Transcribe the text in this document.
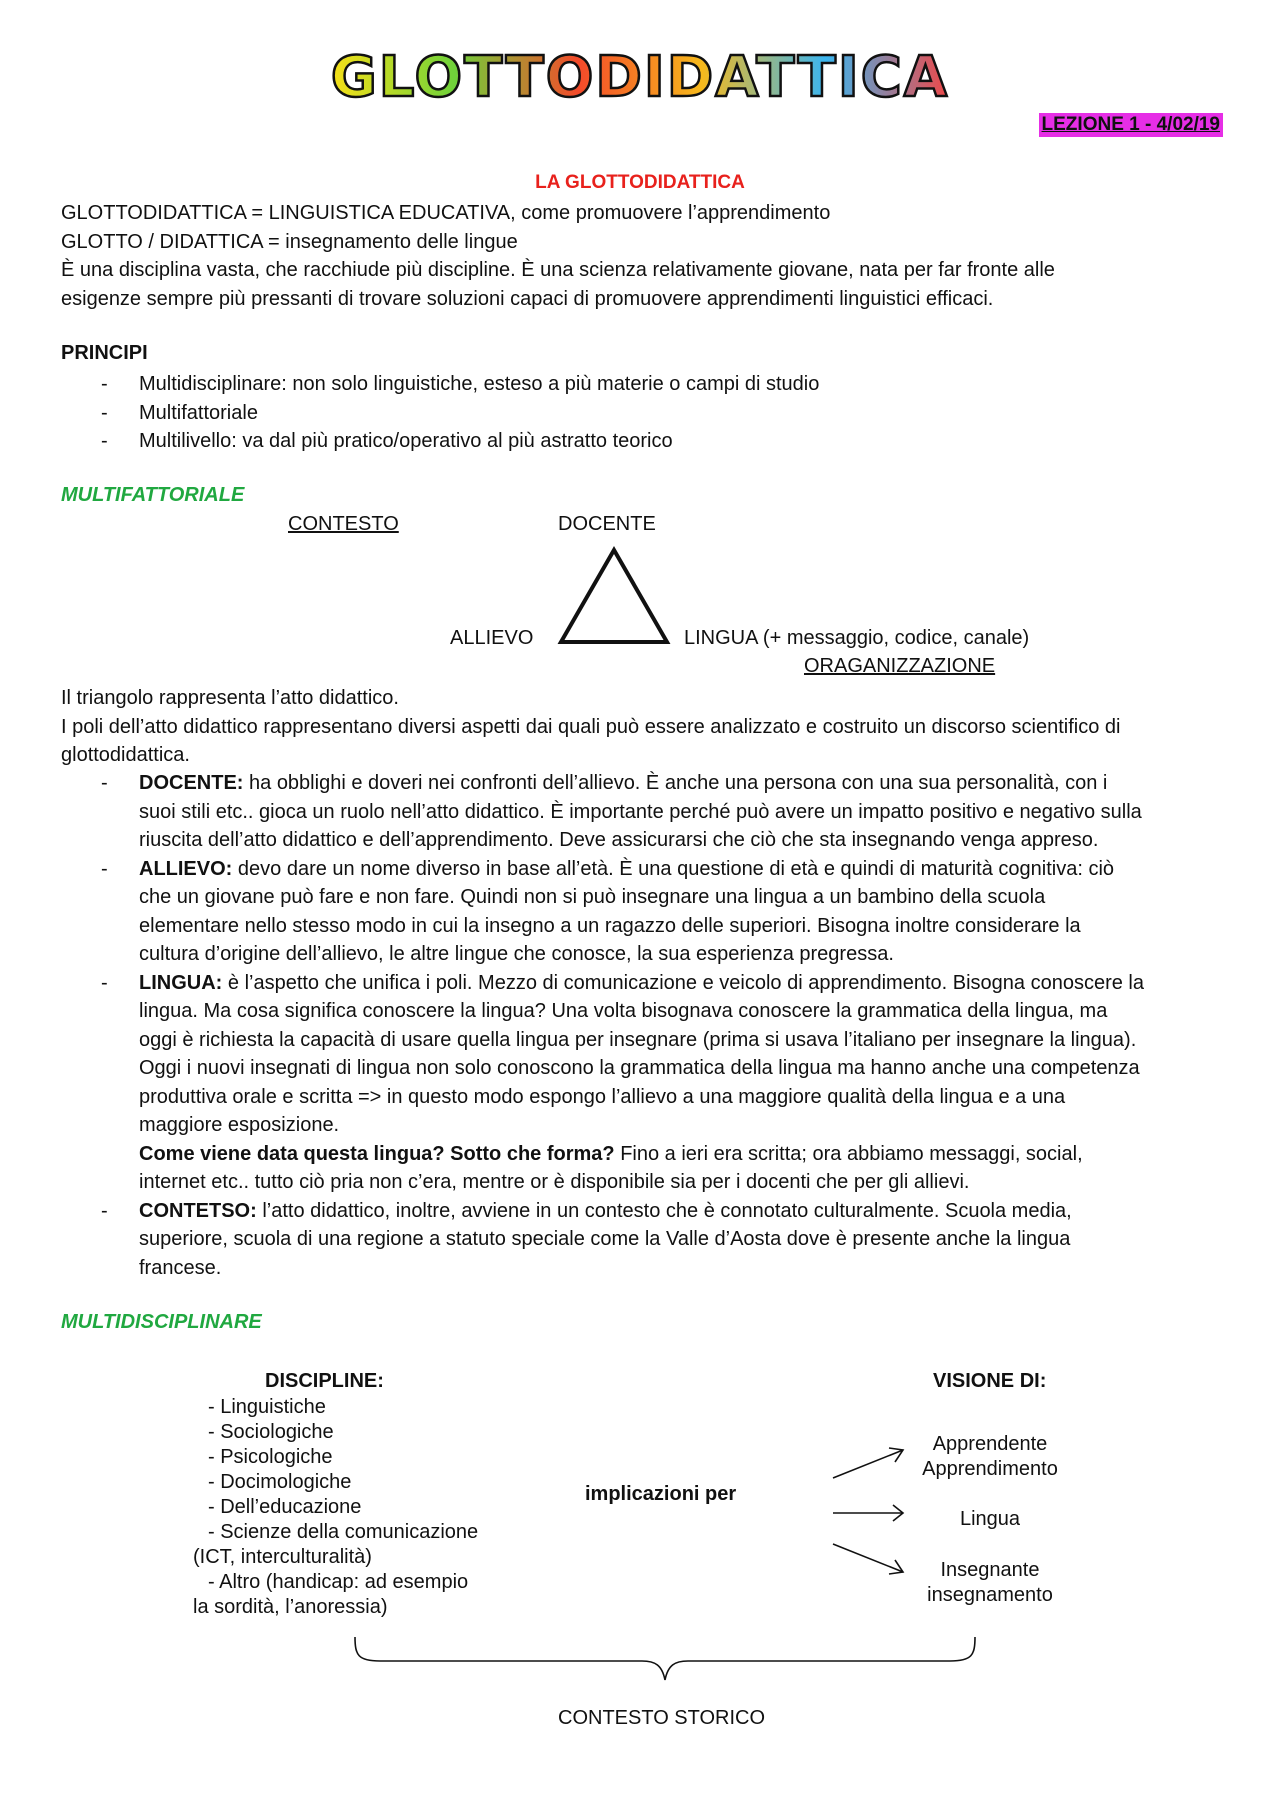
GLOTTODIDATTICA
LEZIONE 1 - 4/02/19
LA GLOTTODIDATTICA

GLOTTODIDATTICA = LINGUISTICA EDUCATIVA, come promuovere l’apprendimento

GLOTTO / DIDATTICA = insegnamento delle lingue

È una disciplina vasta, che racchiude più discipline. È una scienza relativamente giovane, nata per far fronte alle

esigenze sempre più pressanti di trovare soluzioni capaci di promuovere apprendimenti linguistici efficaci.

PRINCIPI
- Multidisciplinare: non solo linguistiche, esteso a più materie o campi di studio
- Multifattoriale
- Multilivello: va dal più pratico/operativo al più astratto teorico
MULTIFATTORIALE
CONTESTO	DOCENTE
ALLIEVO	LINGUA (+ messaggio, codice, canale)
ORAGANIZZAZIONE

Il triangolo rappresenta l’atto didattico.

I poli dell’atto didattico rappresentano diversi aspetti dai quali può essere analizzato e costruito un discorso scientifico di

glottodidattica.

- DOCENTE: ha obblighi e doveri nei confronti dell’allievo. È anche una persona con una sua personalità, con i
suoi stili etc.. gioca un ruolo nell’atto didattico. È importante perché può avere un impatto positivo e negativo sulla
riuscita dell’atto didattico e dell’apprendimento. Deve assicurarsi che ciò che sta insegnando venga appreso.
- ALLIEVO: devo dare un nome diverso in base all’età. È una questione di età e quindi di maturità cognitiva: ciò
che un giovane può fare e non fare. Quindi non si può insegnare una lingua a un bambino della scuola
elementare nello stesso modo in cui la insegno a un ragazzo delle superiori. Bisogna inoltre considerare la
cultura d’origine dell’allievo, le altre lingue che conosce, la sua esperienza pregressa.
- LINGUA: è l’aspetto che unifica i poli. Mezzo di comunicazione e veicolo di apprendimento. Bisogna conoscere la
lingua. Ma cosa significa conoscere la lingua? Una volta bisognava conoscere la grammatica della lingua, ma
oggi è richiesta la capacità di usare quella lingua per insegnare (prima si usava l’italiano per insegnare la lingua).
Oggi i nuovi insegnati di lingua non solo conoscono la grammatica della lingua ma hanno anche una competenza
produttiva orale e scritta => in questo modo espongo l’allievo a una maggiore qualità della lingua e a una
maggiore esposizione.
Come viene data questa lingua? Sotto che forma? Fino a ieri era scritta; ora abbiamo messaggi, social,
internet etc.. tutto ciò pria non c’era, mentre or è disponibile sia per i docenti che per gli allievi.
- CONTETSO: l’atto didattico, inoltre, avviene in un contesto che è connotato culturalmente. Scuola media,
superiore, scuola di una regione a statuto speciale come la Valle d’Aosta dove è presente anche la lingua
francese.
MULTIDISCIPLINARE
DISCIPLINE:
- Linguistiche
- Sociologiche
- Psicologiche
- Docimologiche
- Dell’educazione
- Scienze della comunicazione
(ICT, interculturalità)
- Altro (handicap: ad esempio
la sordità, l’anoressia)
implicazioni per
VISIONE DI:
Apprendente
Apprendimento
Lingua
Insegnante
insegnamento
CONTESTO STORICO
